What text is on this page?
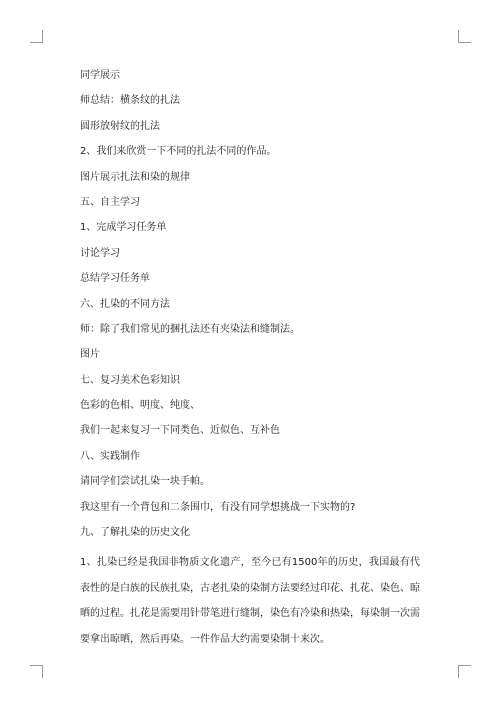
同学展示
师总结：横条纹的扎法
圆形放射纹的扎法
2、我们来欣赏一下不同的扎法不同的作品。
图片展示扎法和染的规律
五、自主学习
1、完成学习任务单
讨论学习
总结学习任务单
六、扎染的不同方法
师：除了我们常见的捆扎法还有夹染法和缝制法。
图片
七、复习美术色彩知识
色彩的色相、明度、纯度、
我们一起来复习一下同类色、近似色、互补色
八、实践制作
请同学们尝试扎染一块手帕。
我这里有一个背包和二条围巾，有没有同学想挑战一下实物的?
九、了解扎染的历史文化
1、扎染已经是我国非物质文化遗产，至今已有1500年的历史，我国最有代表性的是白族的民族扎染，古老扎染的染制方法要经过印花、扎花、染色、晾晒的过程。扎花是需要用针带笔进行缝制，染色有冷染和热染，每染制一次需要拿出晾晒，然后再染。一件作品大约需要染制十来次。
